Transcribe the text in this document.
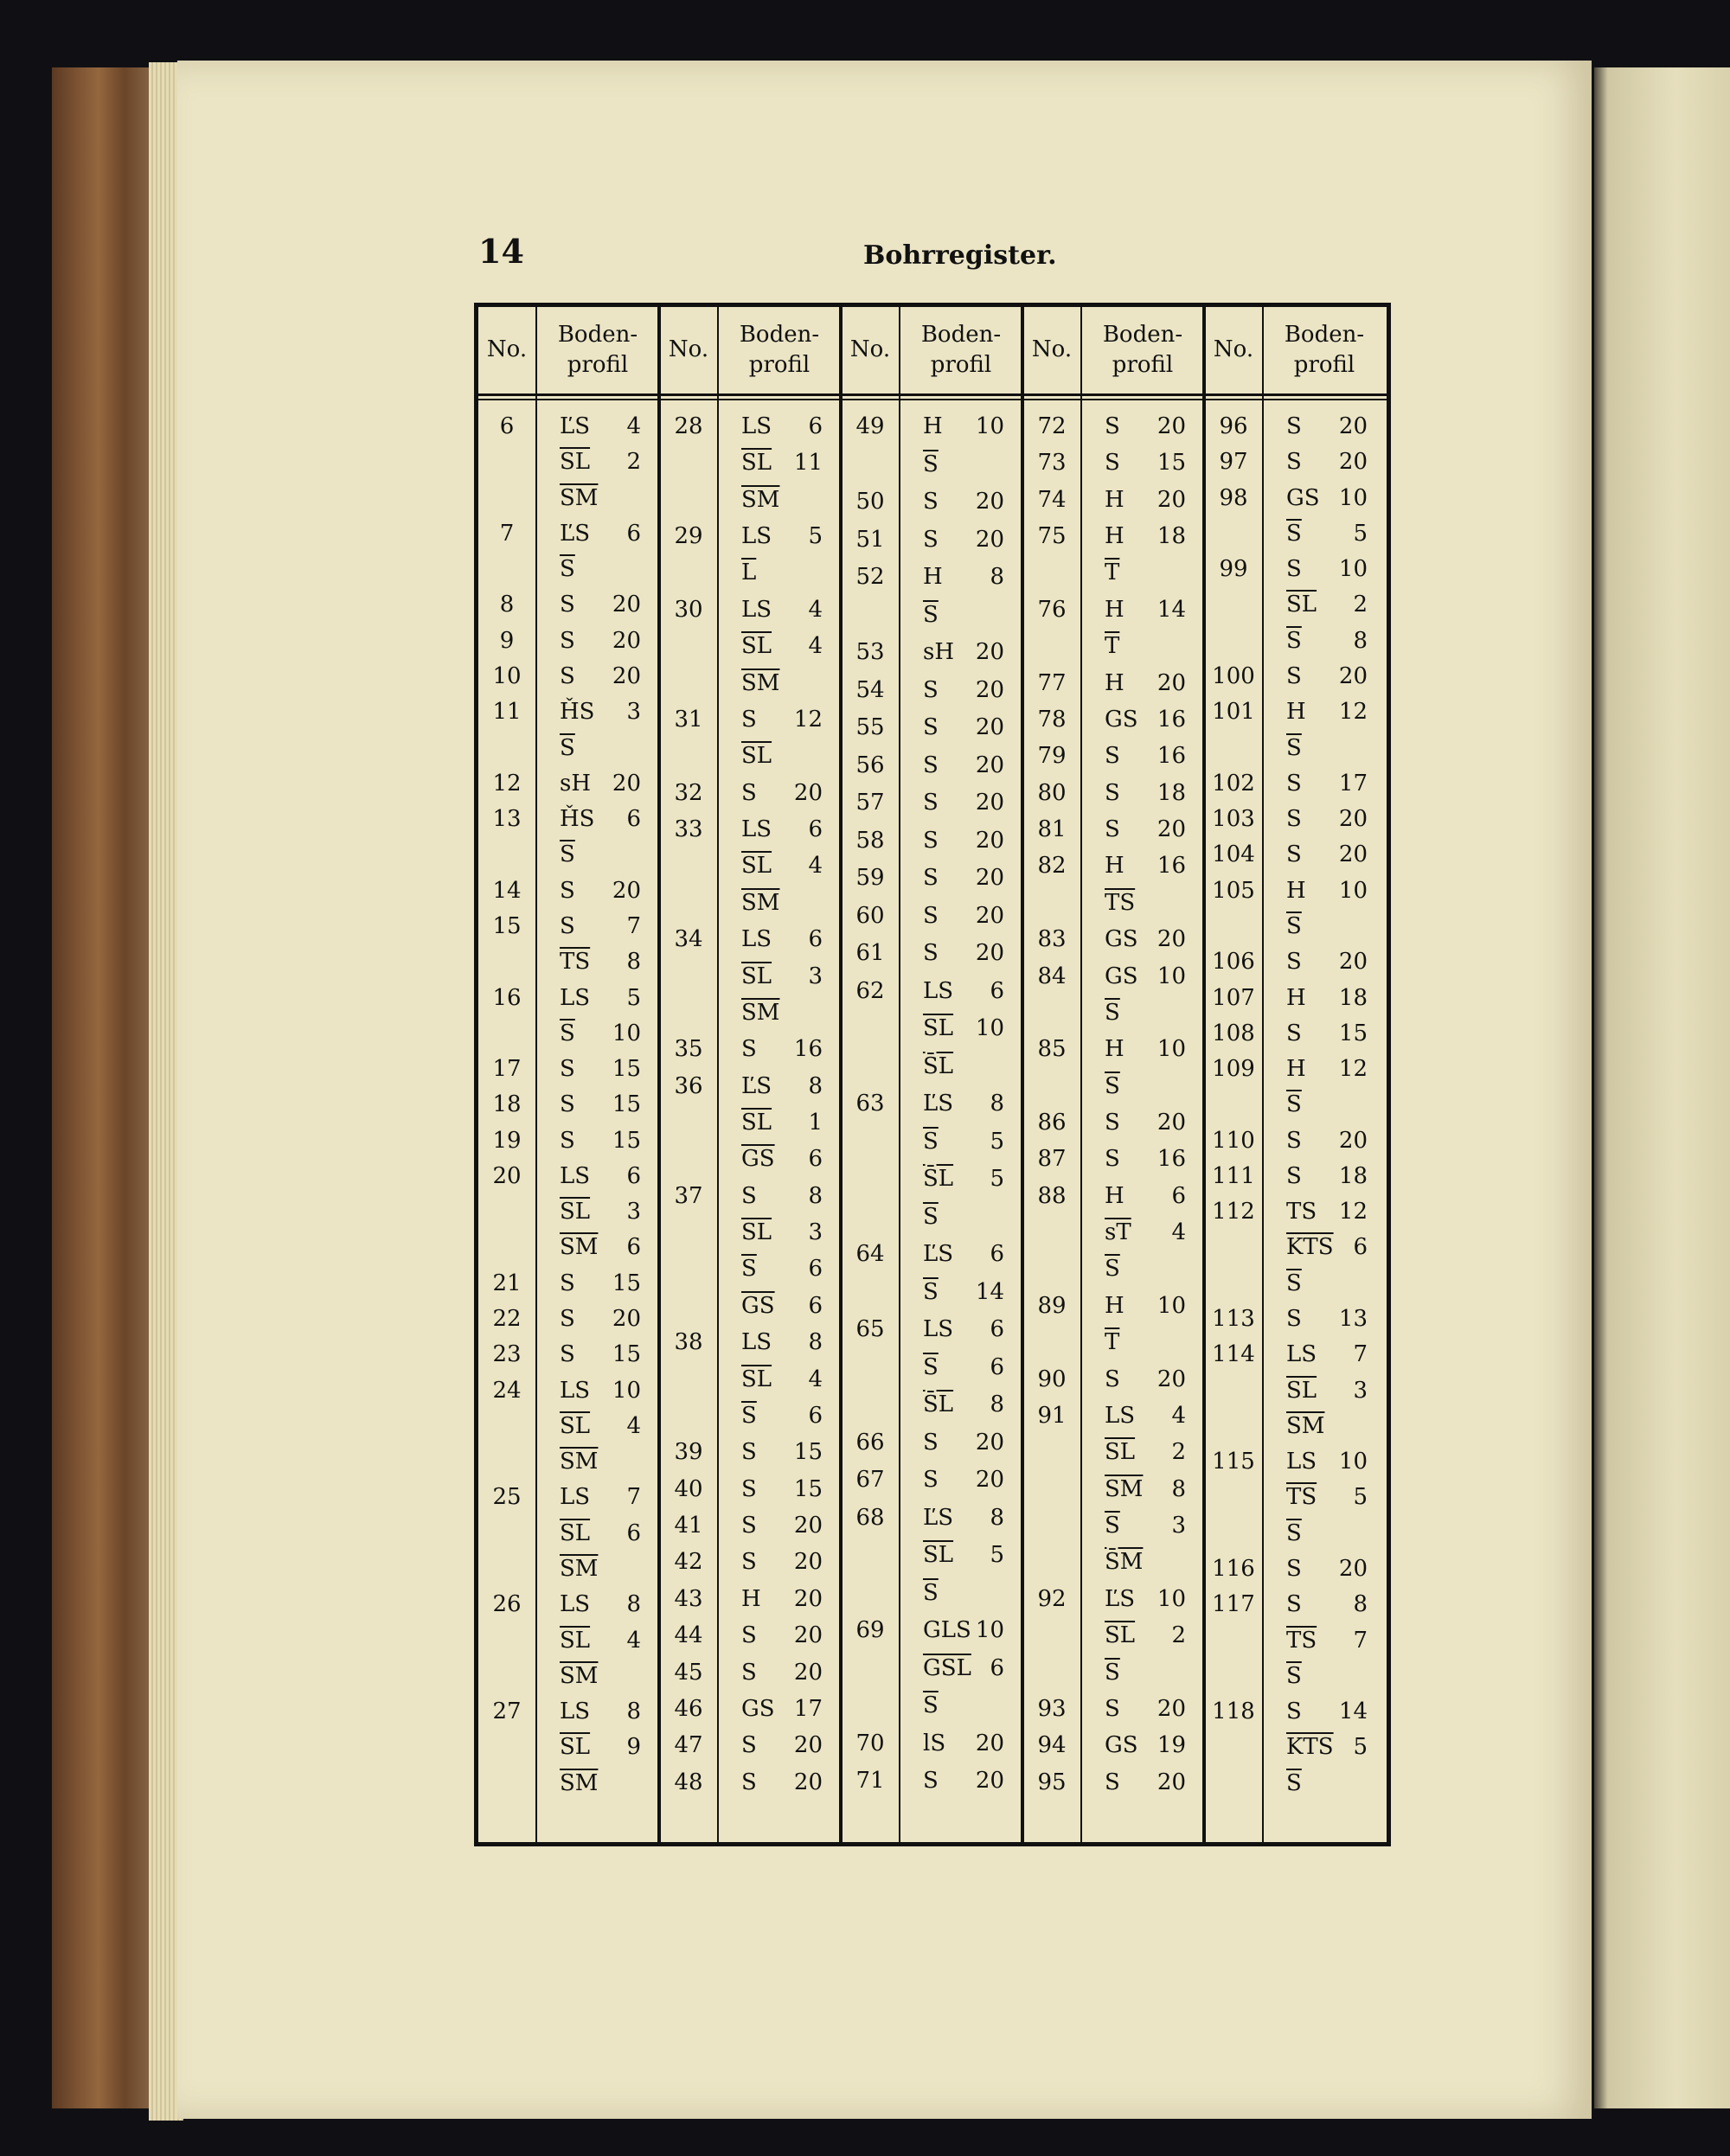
14	Bohrregister.
No.
Boden-
profil
No.
Boden-
profil
No.
Boden-
profil
No.
Boden-
profil
No.
Boden-
profil
6	ĽS	4
$\overline{SL}$	2
$\overline{SM}$
7	ĽS	6
$\overline{S}$
8	S	20
9	S	20
10	S	20
11	ȞS	3
$\overline{S}$
12	sH 20
13	ȞS	6
$\overline{S}$
14	S	20
15	S	7
$\overline{TS}$	8
16	LS	5
$\overline{S}$	10
17	S	15
18	S	15
19	S	15
20	LS	6
$\overline{SL}$	3
$\overline{SM}$	6
21	S	15
22	S	20
23	S	15
24	LS 10
$\overline{SL}$	4
$\overline{SM}$
25	LS	7
$\overline{SL}$	6
$\overline{SM}$
26	LS	8
$\overline{SL}$	4
$\overline{SM}$
27	LS	8
$\overline{SL}$	9
$\overline{SM}$
28	LS	6
$\overline{SL}$ 11
$\overline{SM}$
29	LS	5
$\overline{L}$
30	LS	4
$\overline{SL}$	4
$\overline{SM}$
31	S	12
$\overline{SL}$
32	S	20
33	LS	6
$\overline{SL}$	4
$\overline{SM}$
34	LS	6
$\overline{SL}$	3
$\overline{SM}$
35	S	16
36	ĽS	8
$\overline{SL}$	1
$\overline{GS}$	6
37	S	8
$\overline{SL}$	3
$\overline{S}$	6
$\overline{GS}$	6
38	LS	8
$\overline{SL}$	4
$\overline{S}$	6
39	S	15
40	S	15
41	S	20
42	S	20
43	H	20
44	S	20
45	S	20
46	GS 17
47	S	20
48	S	20
49	H	10
$\overline{S}$
50	S	20
51	S	20
52	H	8
$\overline{S}$
53	sH 20
54	S	20
55	S	20
56	S	20
57	S	20
58	S	20
59	S	20
60	S	20
61	S	20
62	LS	6
$\overline{SL}$ 10
S̄L
63	ĽS	8
$\overline{S}$	5
S̄L	5
$\overline{S}$
64	ĽS	6
$\overline{S}$	14
65	LS	6
$\overline{S}$	6
S̄L	8
66	S	20
67	S	20
68	ĽS	8
$\overline{SL}$	5
$\overline{S}$
69	GLS 10
$\overline{GSL}$ 6
$\overline{S}$
70	lS	20
71	S	20
72	S	20
73	S	15
74	H	20
75	H	18
$\overline{T}$
76	H	14
$\overline{T}$
77	H	20
78	GS 16
79	S	16
80	S	18
81	S	20
82	H	16
$\overline{TS}$
83	GS 20
84	GS 10
$\overline{S}$
85	H	10
$\overline{S}$
86	S	20
87	S	16
88	H	6
$\overline{sT}$	4
$\overline{S}$
89	H	10
$\overline{T}$
90	S	20
91	LS	4
$\overline{SL}$	2
$\overline{SM}$	8
$\overline{S}$	3
S̄M
92	ĽS 10
$\overline{SL}$	2
$\overline{S}$
93	S	20
94	GS 19
95	S	20
96	S	20
97	S	20
98	GS 10
$\overline{S}$	5
99	S	10
$\overline{SL}$	2
$\overline{S}$	8
100 S	20
101 H	12
$\overline{S}$
102 S	17
103 S	20
104 S	20
105 H	10
$\overline{S}$
106 S	20
107 H	18
108 S	15
109 H	12
$\overline{S}$
110 S	20
111 S	18
112 TS 12
$\overline{KTS}$ 6
$\overline{S}$
113 S	13
114 LS	7
$\overline{SL}$	3
$\overline{SM}$
115 LS 10
$\overline{TS}$	5
$\overline{S}$
116 S	20
117 S	8
$\overline{TS}$	7
$\overline{S}$
118 S	14
$\overline{KTS}$ 5
$\overline{S}$
